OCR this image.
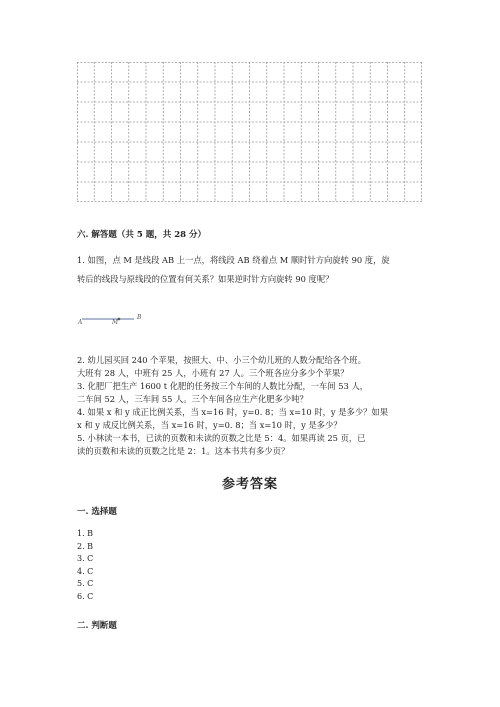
六. 解答题（共 5 题，共 28 分）
1. 如图，点 M 是线段 AB 上一点，将线段 AB 绕着点 M 顺时针方向旋转 90 度，旋
转后的线段与原线段的位置有何关系？如果逆时针方向旋转 90 度呢？
A	M
B
2. 幼儿园买回 240 个苹果，按照大、中、小三个幼儿班的人数分配给各个班。
大班有 28 人，中班有 25 人，小班有 27 人。三个班各应分多少个苹果？
3. 化肥厂把生产 1600 t 化肥的任务按三个车间的人数比分配，一车间 53 人，
二车间 52 人，三车间 55 人。三个车间各应生产化肥多少吨？
4. 如果 x 和 y 成正比例关系，当 x=16 时，y=0. 8；当 x=10 时，y 是多少？如果
x 和 y 成反比例关系，当 x=16 时，y=0. 8；当 x=10 时，y 是多少？
5. 小林读一本书，已读的页数和未读的页数之比是 5：4。如果再读 25 页，已
读的页数和未读的页数之比是 2：1。这本书共有多少页？
参考答案
一. 选择题
1. B
2. B
3. C
4. C
5. C
6. C
二. 判断题
